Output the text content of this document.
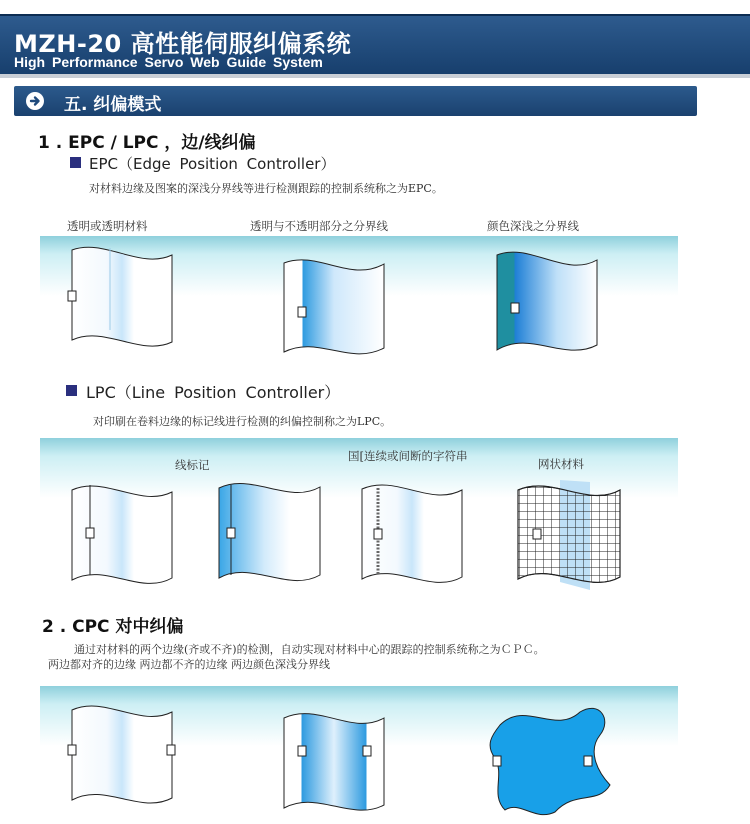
MZH-20 高性能伺服纠偏系统
High Performance Servo Web Guide System
五. 纠偏模式
1 . EPC / LPC ，边/线纠偏
EPC（Edge Position Controller）
对材料边缘及图案的深浅分界线等进行检测跟踪的控制系统称之为EPC。
透明或透明材料	透明与不透明部分之分界线	颜色深浅之分界线
LPC（Line Position Controller）
对印刷在卷料边缘的标记线进行检测的纠偏控制称之为LPC。
线标记
国[连续或间断的字符串
网状材料
2 . CPC 对中纠偏
通过对材料的两个边缘(齐或不齐)的检测，自动实现对材料中心的跟踪的控制系统称之为ＣＰＣ。
两边都对齐的边缘 两边都不齐的边缘 两边颜色深浅分界线
